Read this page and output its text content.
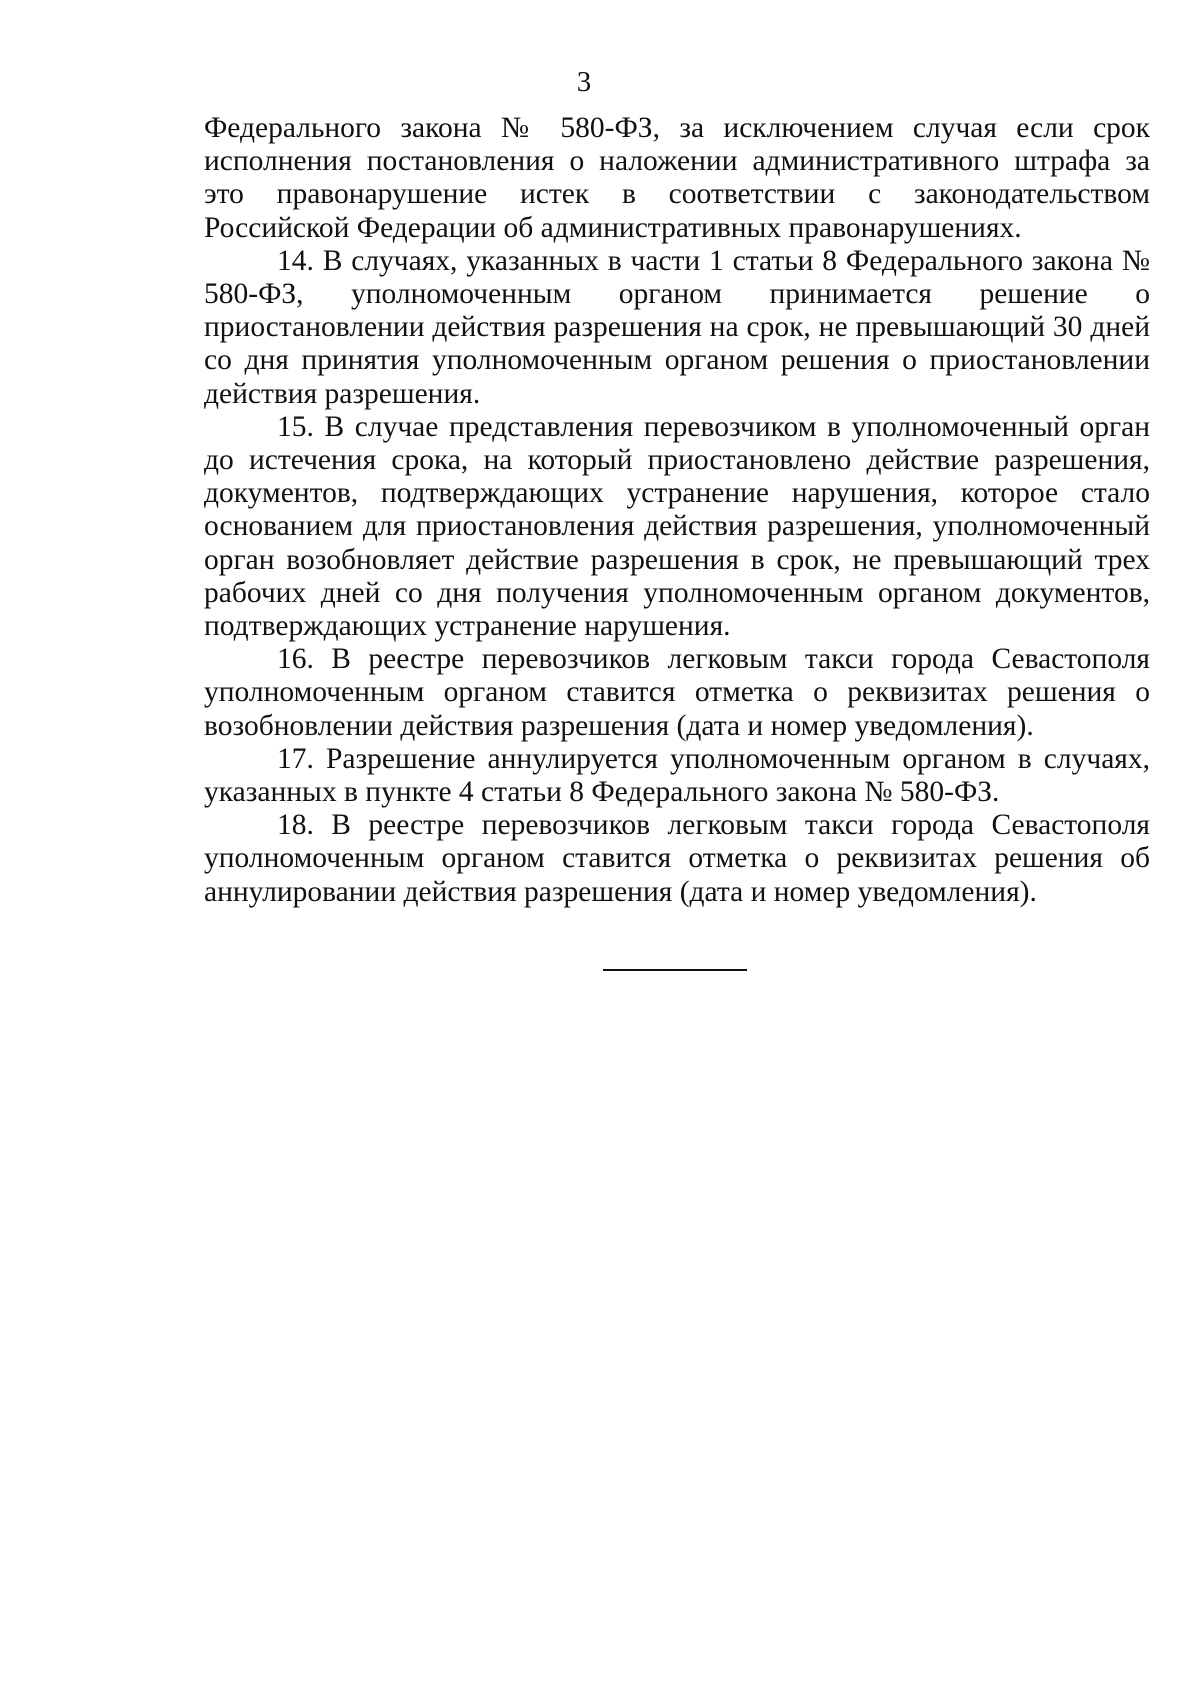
3

Федерального закона № 580-ФЗ, за исключением случая если срок исполнения постановления о наложении административного штрафа за это правонарушение истек в соответствии с законодательством Российской Федерации об административных правонарушениях.

14. В случаях, указанных в части 1 статьи 8 Федерального закона № 580-ФЗ, уполномоченным органом принимается решение о приостановлении действия разрешения на срок, не превышающий 30 дней со дня принятия уполномоченным органом решения о приостановлении действия разрешения.

15. В случае представления перевозчиком в уполномоченный орган до истечения срока, на который приостановлено действие разрешения, документов, подтверждающих устранение нарушения, которое стало основанием для приостановления действия разрешения, уполномоченный орган возобновляет действие разрешения в срок, не превышающий трех рабочих дней со дня получения уполномоченным органом документов, подтверждающих устранение нарушения.

16. В реестре перевозчиков легковым такси города Севастополя уполномоченным органом ставится отметка о реквизитах решения о возобновлении действия разрешения (дата и номер уведомления).

17. Разрешение аннулируется уполномоченным органом в случаях, указанных в пункте 4 статьи 8 Федерального закона № 580-ФЗ.

18. В реестре перевозчиков легковым такси города Севастополя уполномоченным органом ставится отметка о реквизитах решения об аннулировании действия разрешения (дата и номер уведомления).
